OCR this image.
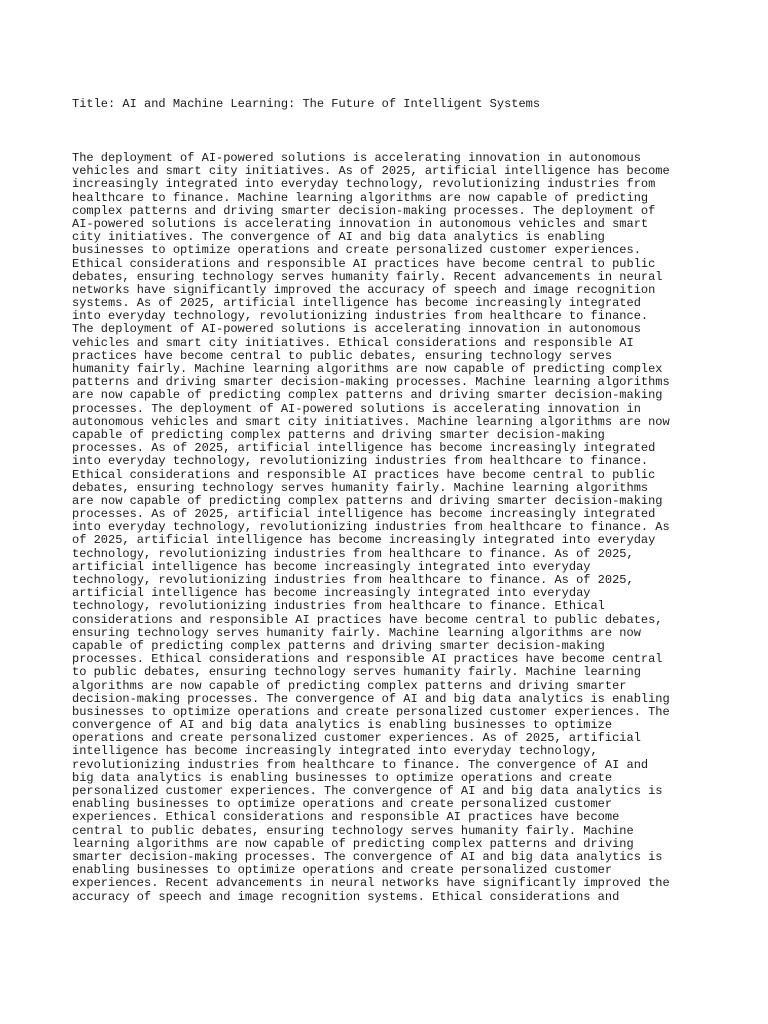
Title: AI and Machine Learning: The Future of Intelligent Systems

The deployment of AI-powered solutions is accelerating innovation in autonomous
vehicles and smart city initiatives. As of 2025, artificial intelligence has become
increasingly integrated into everyday technology, revolutionizing industries from
healthcare to finance. Machine learning algorithms are now capable of predicting
complex patterns and driving smarter decision-making processes. The deployment of
AI-powered solutions is accelerating innovation in autonomous vehicles and smart
city initiatives. The convergence of AI and big data analytics is enabling
businesses to optimize operations and create personalized customer experiences.
Ethical considerations and responsible AI practices have become central to public
debates, ensuring technology serves humanity fairly. Recent advancements in neural
networks have significantly improved the accuracy of speech and image recognition
systems. As of 2025, artificial intelligence has become increasingly integrated
into everyday technology, revolutionizing industries from healthcare to finance.
The deployment of AI-powered solutions is accelerating innovation in autonomous
vehicles and smart city initiatives. Ethical considerations and responsible AI
practices have become central to public debates, ensuring technology serves
humanity fairly. Machine learning algorithms are now capable of predicting complex
patterns and driving smarter decision-making processes. Machine learning algorithms
are now capable of predicting complex patterns and driving smarter decision-making
processes. The deployment of AI-powered solutions is accelerating innovation in
autonomous vehicles and smart city initiatives. Machine learning algorithms are now
capable of predicting complex patterns and driving smarter decision-making
processes. As of 2025, artificial intelligence has become increasingly integrated
into everyday technology, revolutionizing industries from healthcare to finance.
Ethical considerations and responsible AI practices have become central to public
debates, ensuring technology serves humanity fairly. Machine learning algorithms
are now capable of predicting complex patterns and driving smarter decision-making
processes. As of 2025, artificial intelligence has become increasingly integrated
into everyday technology, revolutionizing industries from healthcare to finance. As
of 2025, artificial intelligence has become increasingly integrated into everyday
technology, revolutionizing industries from healthcare to finance. As of 2025,
artificial intelligence has become increasingly integrated into everyday
technology, revolutionizing industries from healthcare to finance. As of 2025,
artificial intelligence has become increasingly integrated into everyday
technology, revolutionizing industries from healthcare to finance. Ethical
considerations and responsible AI practices have become central to public debates,
ensuring technology serves humanity fairly. Machine learning algorithms are now
capable of predicting complex patterns and driving smarter decision-making
processes. Ethical considerations and responsible AI practices have become central
to public debates, ensuring technology serves humanity fairly. Machine learning
algorithms are now capable of predicting complex patterns and driving smarter
decision-making processes. The convergence of AI and big data analytics is enabling
businesses to optimize operations and create personalized customer experiences. The
convergence of AI and big data analytics is enabling businesses to optimize
operations and create personalized customer experiences. As of 2025, artificial
intelligence has become increasingly integrated into everyday technology,
revolutionizing industries from healthcare to finance. The convergence of AI and
big data analytics is enabling businesses to optimize operations and create
personalized customer experiences. The convergence of AI and big data analytics is
enabling businesses to optimize operations and create personalized customer
experiences. Ethical considerations and responsible AI practices have become
central to public debates, ensuring technology serves humanity fairly. Machine
learning algorithms are now capable of predicting complex patterns and driving
smarter decision-making processes. The convergence of AI and big data analytics is
enabling businesses to optimize operations and create personalized customer
experiences. Recent advancements in neural networks have significantly improved the
accuracy of speech and image recognition systems. Ethical considerations and
